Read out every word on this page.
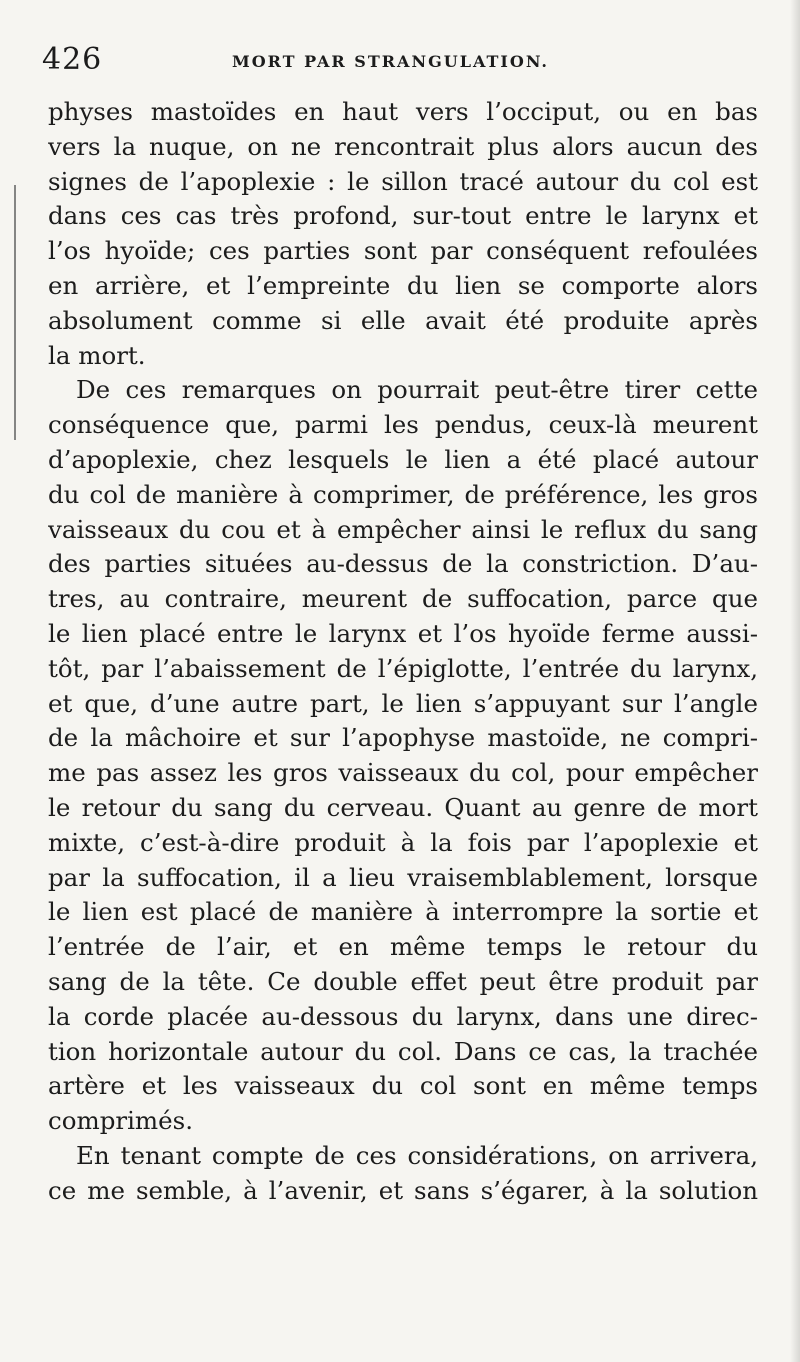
426	MORT PAR STRANGULATION.
physes mastoïdes en haut vers l’occiput, ou en bas
vers la nuque, on ne rencontrait plus alors aucun des
signes de l’apoplexie : le sillon tracé autour du col est
dans ces cas très profond, sur-tout entre le larynx et
l’os hyoïde; ces parties sont par conséquent refoulées
en arrière, et l’empreinte du lien se comporte alors
absolument comme si elle avait été produite après
la mort.
De ces remarques on pourrait peut-être tirer cette
conséquence que, parmi les pendus, ceux-là meurent
d’apoplexie, chez lesquels le lien a été placé autour
du col de manière à comprimer, de préférence, les gros
vaisseaux du cou et à empêcher ainsi le reflux du sang
des parties situées au-dessus de la constriction. D’au-
tres, au contraire, meurent de suffocation, parce que
le lien placé entre le larynx et l’os hyoïde ferme aussi-
tôt, par l’abaissement de l’épiglotte, l’entrée du larynx,
et que, d’une autre part, le lien s’appuyant sur l’angle
de la mâchoire et sur l’apophyse mastoïde, ne compri-
me pas assez les gros vaisseaux du col, pour empêcher
le retour du sang du cerveau. Quant au genre de mort
mixte, c’est-à-dire produit à la fois par l’apoplexie et
par la suffocation, il a lieu vraisemblablement, lorsque
le lien est placé de manière à interrompre la sortie et
l’entrée de l’air, et en même temps le retour du
sang de la tête. Ce double effet peut être produit par
la corde placée au-dessous du larynx, dans une direc-
tion horizontale autour du col. Dans ce cas, la trachée
artère et les vaisseaux du col sont en même temps
comprimés.
En tenant compte de ces considérations, on arrivera,
ce me semble, à l’avenir, et sans s’égarer, à la solution
